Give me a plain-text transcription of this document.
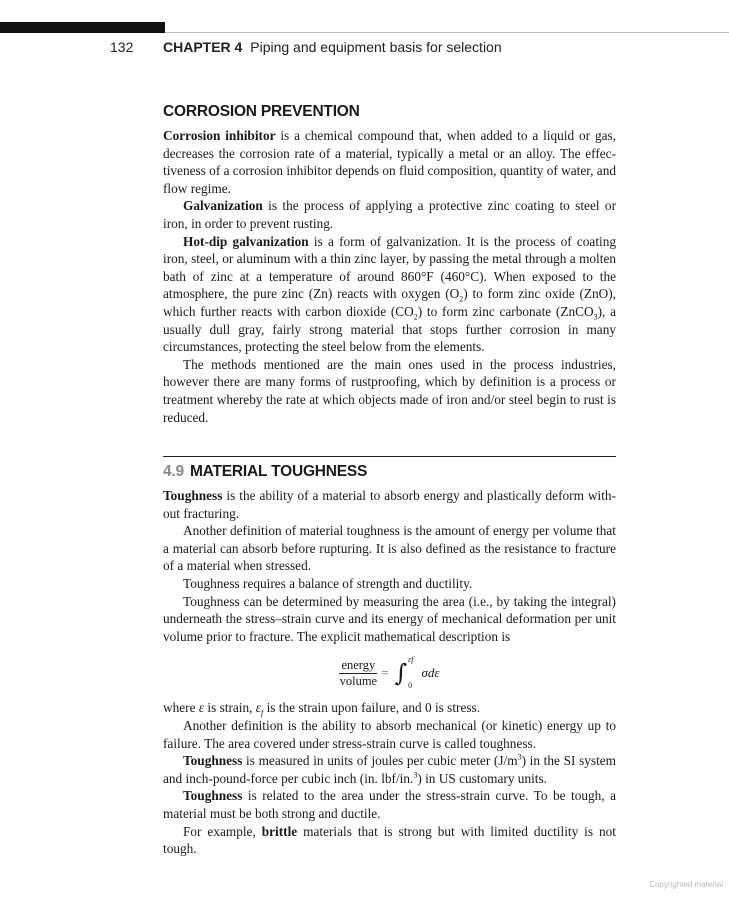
132 CHAPTER 4 Piping and equipment basis for selection
CORROSION PREVENTION

Corrosion inhibitor is a chemical compound that, when added to a liquid or gas, decreases the corrosion rate of a material, typically a metal or an alloy. The effectiveness of a corrosion inhibitor depends on fluid composition, quantity of water, and flow regime.

Galvanization is the process of applying a protective zinc coating to steel or iron, in order to prevent rusting.

Hot-dip galvanization is a form of galvanization. It is the process of coating iron, steel, or aluminum with a thin zinc layer, by passing the metal through a molten bath of zinc at a temperature of around 860°F (460°C). When exposed to the atmosphere, the pure zinc (Zn) reacts with oxygen $(O_2)$ to form zinc oxide (ZnO), which further reacts with carbon dioxide $(CO_2)$ to form zinc carbonate (ZnCO$_3$), a usually dull gray, fairly strong material that stops further corrosion in many circumstances, protecting the steel below from the elements.

The methods mentioned are the main ones used in the process industries, however there are many forms of rustproofing, which by definition is a process or treatment whereby the rate at which objects made of iron and/or steel begin to rust is reduced.

4.9 MATERIAL TOUGHNESS

Toughness is the ability of a material to absorb energy and plastically deform without fracturing.

Another definition of material toughness is the amount of energy per volume that a material can absorb before rupturing. It is also defined as the resistance to fracture of a material when stressed.

Toughness requires a balance of strength and ductility.

Toughness can be determined by measuring the area (i.e., by taking the integral) underneath the stress–strain curve and its energy of mechanical deformation per unit volume prior to fracture. The explicit mathematical description is

$\frac{\text{energy}}{\text{volume}}$ = ∫ εf
0
σdε

where ε is strain, $\varepsilon_f$ is the strain upon failure, and 0 is stress.

Another definition is the ability to absorb mechanical (or kinetic) energy up to failure. The area covered under stress-strain curve is called toughness.

Toughness is measured in units of joules per cubic meter $(J/m^3)$ in the SI system and inch-pound-force per cubic inch (in. lbf/in.$^3$) in US customary units.

Toughness is related to the area under the stress-strain curve. To be tough, a material must be both strong and ductile.

For example, brittle materials that is strong but with limited ductility is not tough.

Copyrighted material
